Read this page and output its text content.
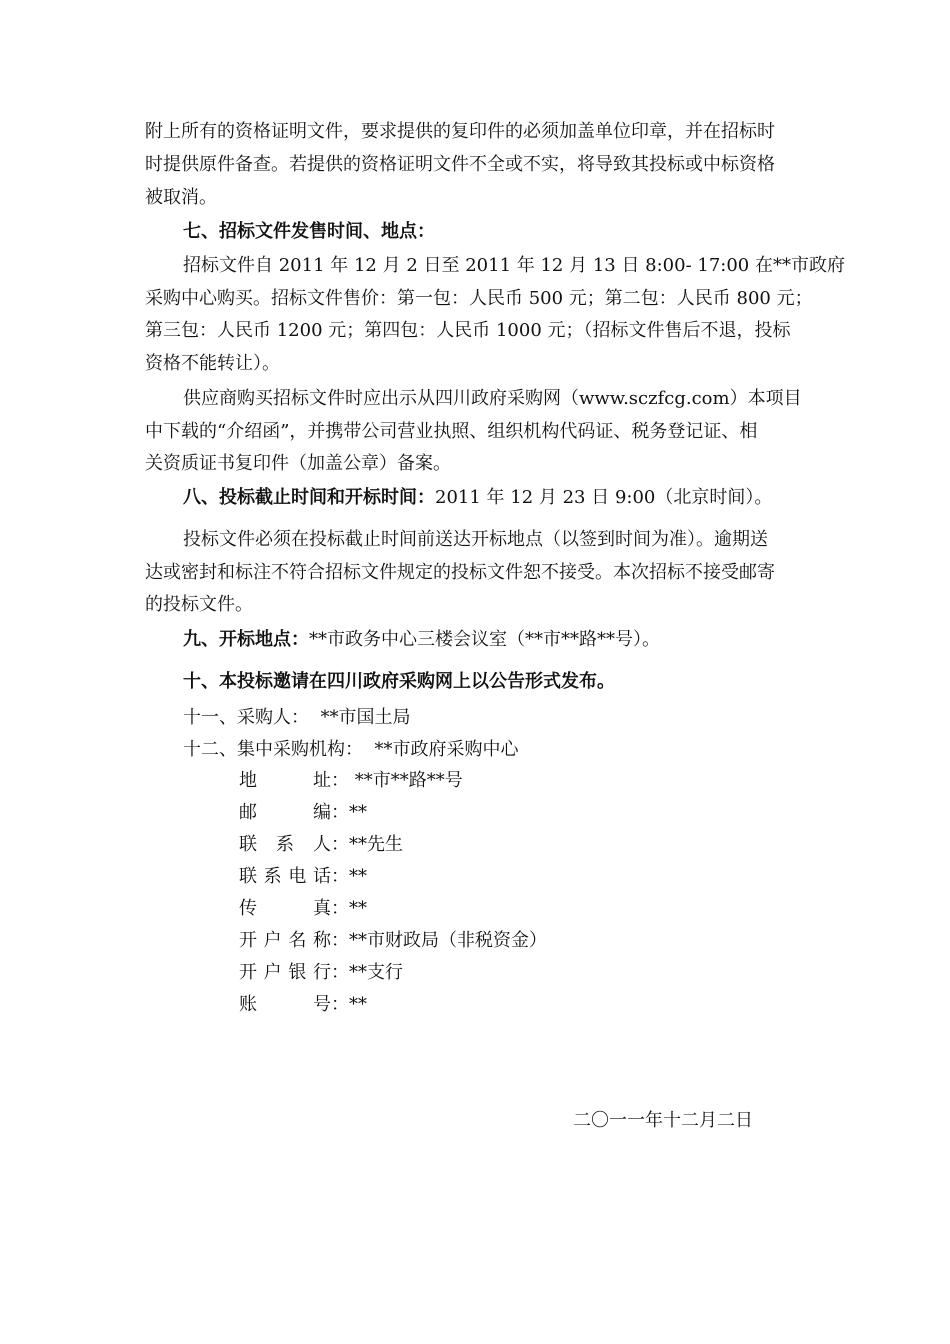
附上所有的资格证明文件，要求提供的复印件的必须加盖单位印章，并在招标时
时提供原件备查。若提供的资格证明文件不全或不实，将导致其投标或中标资格
被取消。
七、招标文件发售时间、地点：
招标文件自 2011 年 12 月 2 日至 2011 年 12 月 13 日 8:00- 17:00 在**市政府
采购中心购买。招标文件售价：第一包：人民币 500 元；第二包：人民币 800 元；
第三包：人民币 1200 元；第四包：人民币 1000 元；（招标文件售后不退，投标
资格不能转让）。
供应商购买招标文件时应出示从四川政府采购网（www.sczfcg.com）本项目
中下载的“介绍函”，并携带公司营业执照、组织机构代码证、税务登记证、相
关资质证书复印件（加盖公章）备案。
八、投标截止时间和开标时间：2011 年 12 月 23 日 9:00（北京时间）。
投标文件必须在投标截止时间前送达开标地点（以签到时间为准）。逾期送
达或密封和标注不符合招标文件规定的投标文件恕不接受。本次招标不接受邮寄
的投标文件。
九、开标地点：**市政务中心三楼会议室（**市**路**号）。
十、本投标邀请在四川政府采购网上以公告形式发布。
十一、采购人： **市国土局
十二、集中采购机构： **市政府采购中心
地址： **市**路**号
邮编：**
联系人：**先生
联系电话：**
传真：**
开户名称：**市财政局（非税资金）
开户银行：**支行
账号：**
二〇一一年十二月二日
